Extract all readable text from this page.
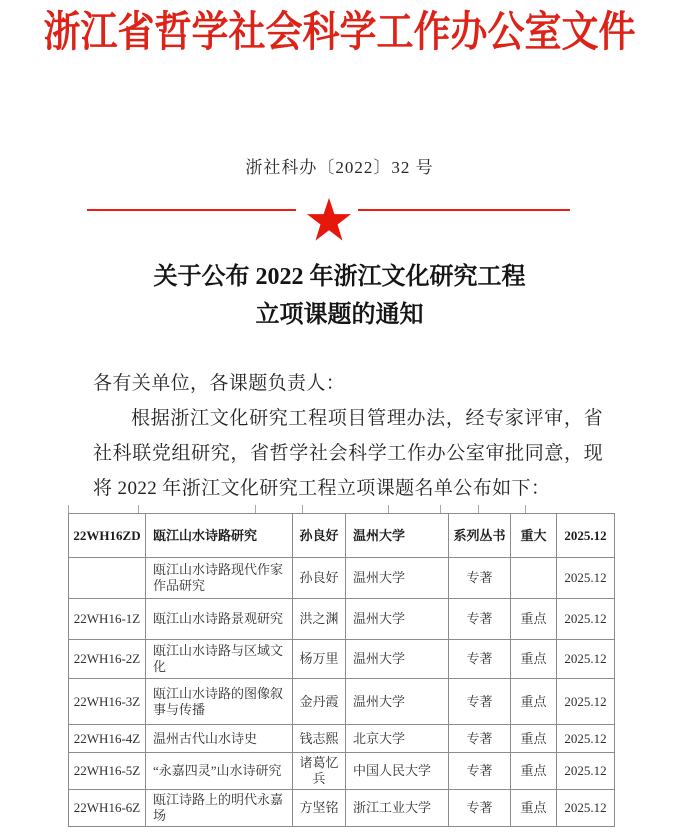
浙江省哲学社会科学工作办公室文件
浙社科办〔2022〕32 号
关于公布 2022 年浙江文化研究工程
立项课题的通知

各有关单位，各课题负责人：

根据浙江文化研究工程项目管理办法，经专家评审，省社科联党组研究，省哲学社会科学工作办公室审批同意，现将 2022 年浙江文化研究工程立项课题名单公布如下：

22WH16ZD	瓯江山水诗路研究	孙良好	温州大学	系列丛书	重大	2025.12
	瓯江山水诗路现代作家作品研究	孙良好	温州大学	专著		2025.12
22WH16-1Z	瓯江山水诗路景观研究	洪之渊	温州大学	专著	重点	2025.12
22WH16-2Z	瓯江山水诗路与区域文化	杨万里	温州大学	专著	重点	2025.12
22WH16-3Z	瓯江山水诗路的图像叙事与传播	金丹霞	温州大学	专著	重点	2025.12
22WH16-4Z	温州古代山水诗史	钱志熙	北京大学	专著	重点	2025.12
22WH16-5Z	“永嘉四灵”山水诗研究	诸葛忆兵	中国人民大学	专著	重点	2025.12
22WH16-6Z	瓯江诗路上的明代永嘉场	方坚铭	浙江工业大学	专著	重点	2025.12
